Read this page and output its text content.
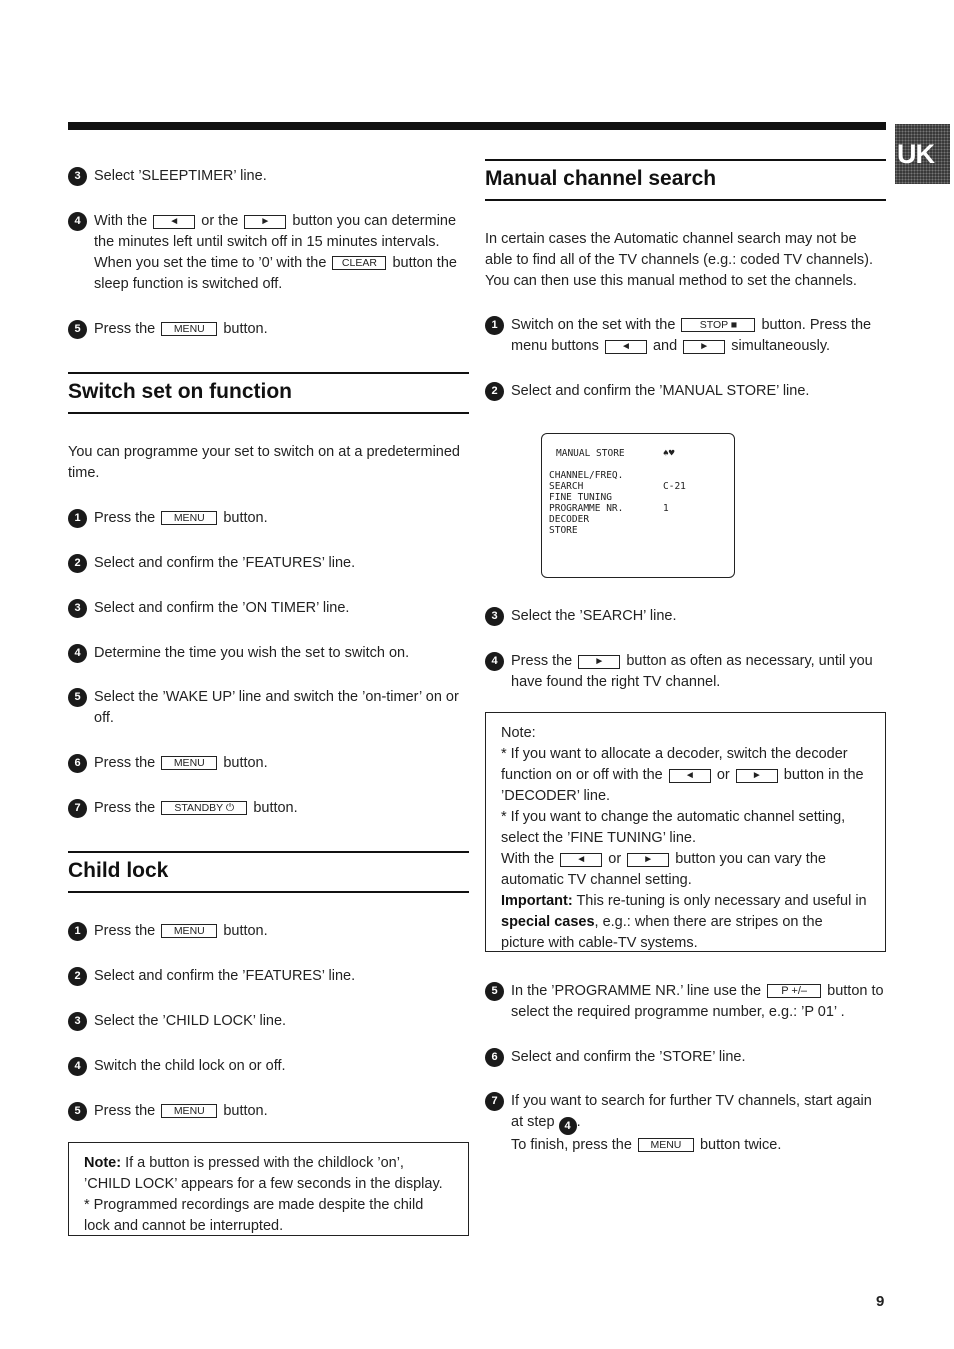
UK
3 Select ’SLEEPTIMER’ line.
4 With the ◄ or the ► button you can determine the minutes left until switch off in 15 minutes intervals. When you set the time to ’0’ with the CLEAR button the sleep function is switched off.
5 Press the MENU button.
Switch set on function
You can programme your set to switch on at a predetermined time.
1 Press the MENU button.
2 Select and confirm the ’FEATURES’ line.
3 Select and confirm the ’ON TIMER’ line.
4 Determine the time you wish the set to switch on.
5 Select the ’WAKE UP’ line and switch the ’on-timer’ on or off.
6 Press the MENU button.
7 Press the STANDBY ⏻ button.
Child lock
1 Press the MENU button.
2 Select and confirm the ’FEATURES’ line.
3 Select the ’CHILD LOCK’ line.
4 Switch the child lock on or off.
5 Press the MENU button.
Note: If a button is pressed with the childlock ’on’, ’CHILD LOCK’ appears for a few seconds in the display.
* Programmed recordings are made despite the child lock and cannot be interrupted.
Manual channel search
In certain cases the Automatic channel search may not be able to find all of the TV channels (e.g.: coded TV channels). You can then use this manual method to set the channels.
1 Switch on the set with the STOP ■ button. Press the menu buttons ◄ and ► simultaneously.
2 Select and confirm the ’MANUAL STORE’ line.
MANUAL STORE	♠♥
CHANNEL/FREQ.
SEARCH	C-21
FINE TUNING
PROGRAMME NR.	1
DECODER
STORE
3 Select the ’SEARCH’ line.
4 Press the ► button as often as necessary, until you have found the right TV channel.
Note:
* If you want to allocate a decoder, switch the decoder function on or off with the ◄ or ► button in the ’DECODER’ line.
* If you want to change the automatic channel setting, select the ’FINE TUNING’ line.
With the ◄ or ► button you can vary the automatic TV channel setting.
Important: This re-tuning is only necessary and useful in special cases, e.g.: when there are stripes on the picture with cable-TV systems.
5 In the ’PROGRAMME NR.’ line use the P +/– button to select the required programme number, e.g.: ’P 01’ .
6 Select and confirm the ’STORE’ line.
7 If you want to search for further TV channels, start again at step 4 .
To finish, press the MENU button twice.
9
